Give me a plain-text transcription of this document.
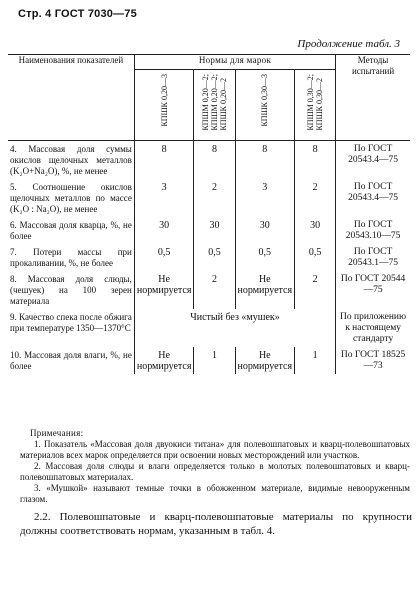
Стр. 4 ГОСТ 7030—75
Продолжение табл. 3
Наименования показателей	Нормы для марок				Методы испытаний
	КПШК 0,20—3	КПШМ 0,20—2;КПШМ 0,20—2;КПШК 0,20—2	КПШК 0,30—3	КПШМ 0,30—2;КПШК 0,30—2	
4. Массовая доля суммы окислов щелочных металлов (K₂O+Na₂O), %, не менее	8	8	8	8	По ГОСТ 20543.4—75
5. Соотношение окислов щелочных металлов по массе (K₂O : Na₂O), не менее	3	2	3	2	По ГОСТ 20543.4—75
6. Массовая доля кварца, %, не более	30	30	30	30	По ГОСТ 20543.10—75
7. Потери массы при прокаливании, %, не более	0,5	0,5	0,5	0,5	По ГОСТ 20543.1—75
8. Массовая доля слюды, (чешуек) на 100 зерен материала	Не нормируется	2	Не нормируется	2	По ГОСТ 20544—75
9. Качество спека после обжига при температуре 1350—1370°С	Чистый без «мушек»				По приложению к настоящему стандарту
10. Массовая доля влаги, %, не более	Не нормируется	1	Не нормируется	1	По ГОСТ 18525—73

Примечания:

1. Показатель «Массовая доля двуокиси титана» для полевошпатовых и кварц-полевошпатовых материалов всех марок определяется при освоении новых месторождений или участков.

2. Массовая доля слюды и влаги определяется только в молотых полевошпатовых и кварц-полевошпатовых материалах.

3. «Мушкой» называют темные точки в обожженном материале, видимые невооруженным глазом.

2.2. Полевошпатовые и кварц-полевошпатовые материалы по крупности должны соответствовать нормам, указанным в табл. 4.
